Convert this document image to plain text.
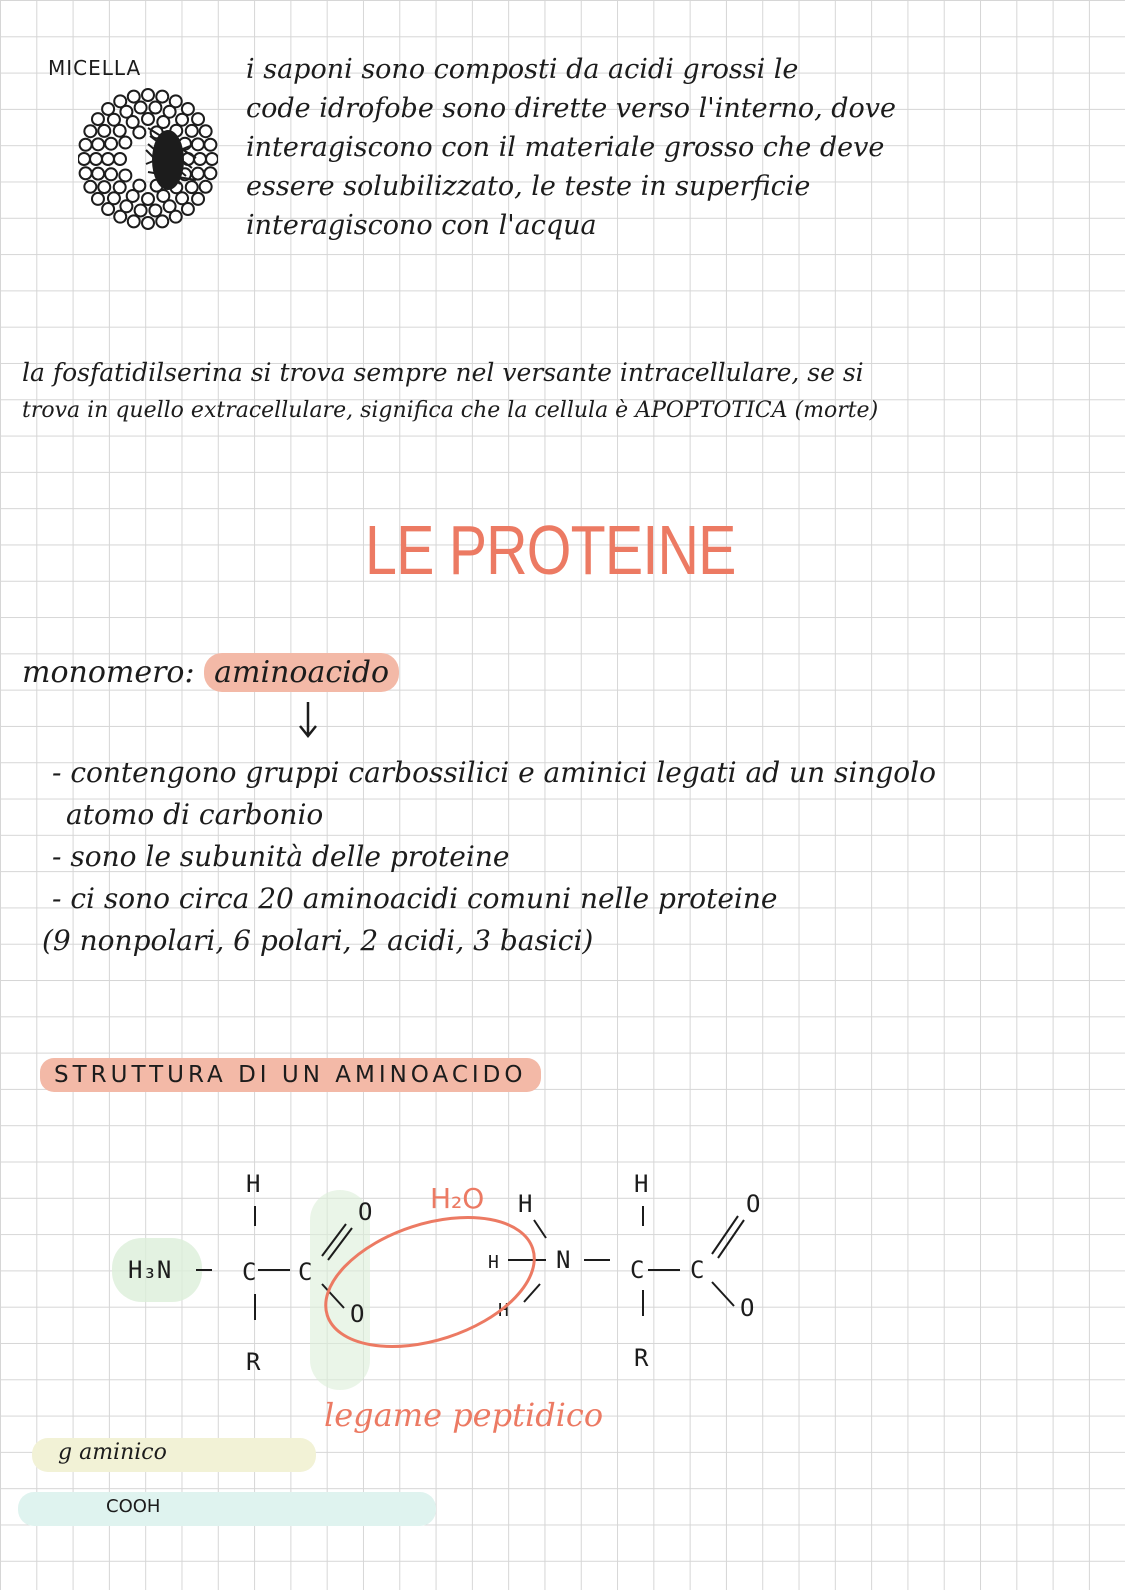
MICELLA	i saponi sono composti da acidi grossi le
code idrofobe sono dirette verso l'interno, dove
interagiscono con il materiale grosso che deve
essere solubilizzato, le teste in superficie
interagiscono con l'acqua
la fosfatidilserina si trova sempre nel versante intracellulare, se si
trova in quello extracellulare, significa che la cellula è APOPTOTICA (morte)
LE PROTEINE
monomero: aminoacido
- contengono gruppi carbossilici e aminici legati ad un singolo
atomo di carbonio
- sono le subunità delle proteine
- ci sono circa 20 aminoacidi comuni nelle proteine
(9 nonpolari, 6 polari, 2 acidi, 3 basici)
STRUTTURA DI UN AMINOACIDO
H₃N
H
C C
O
O
R
H
H
H
N
H
C C
O
O
R
H₂O
legame peptidico
g aminico
COOH
